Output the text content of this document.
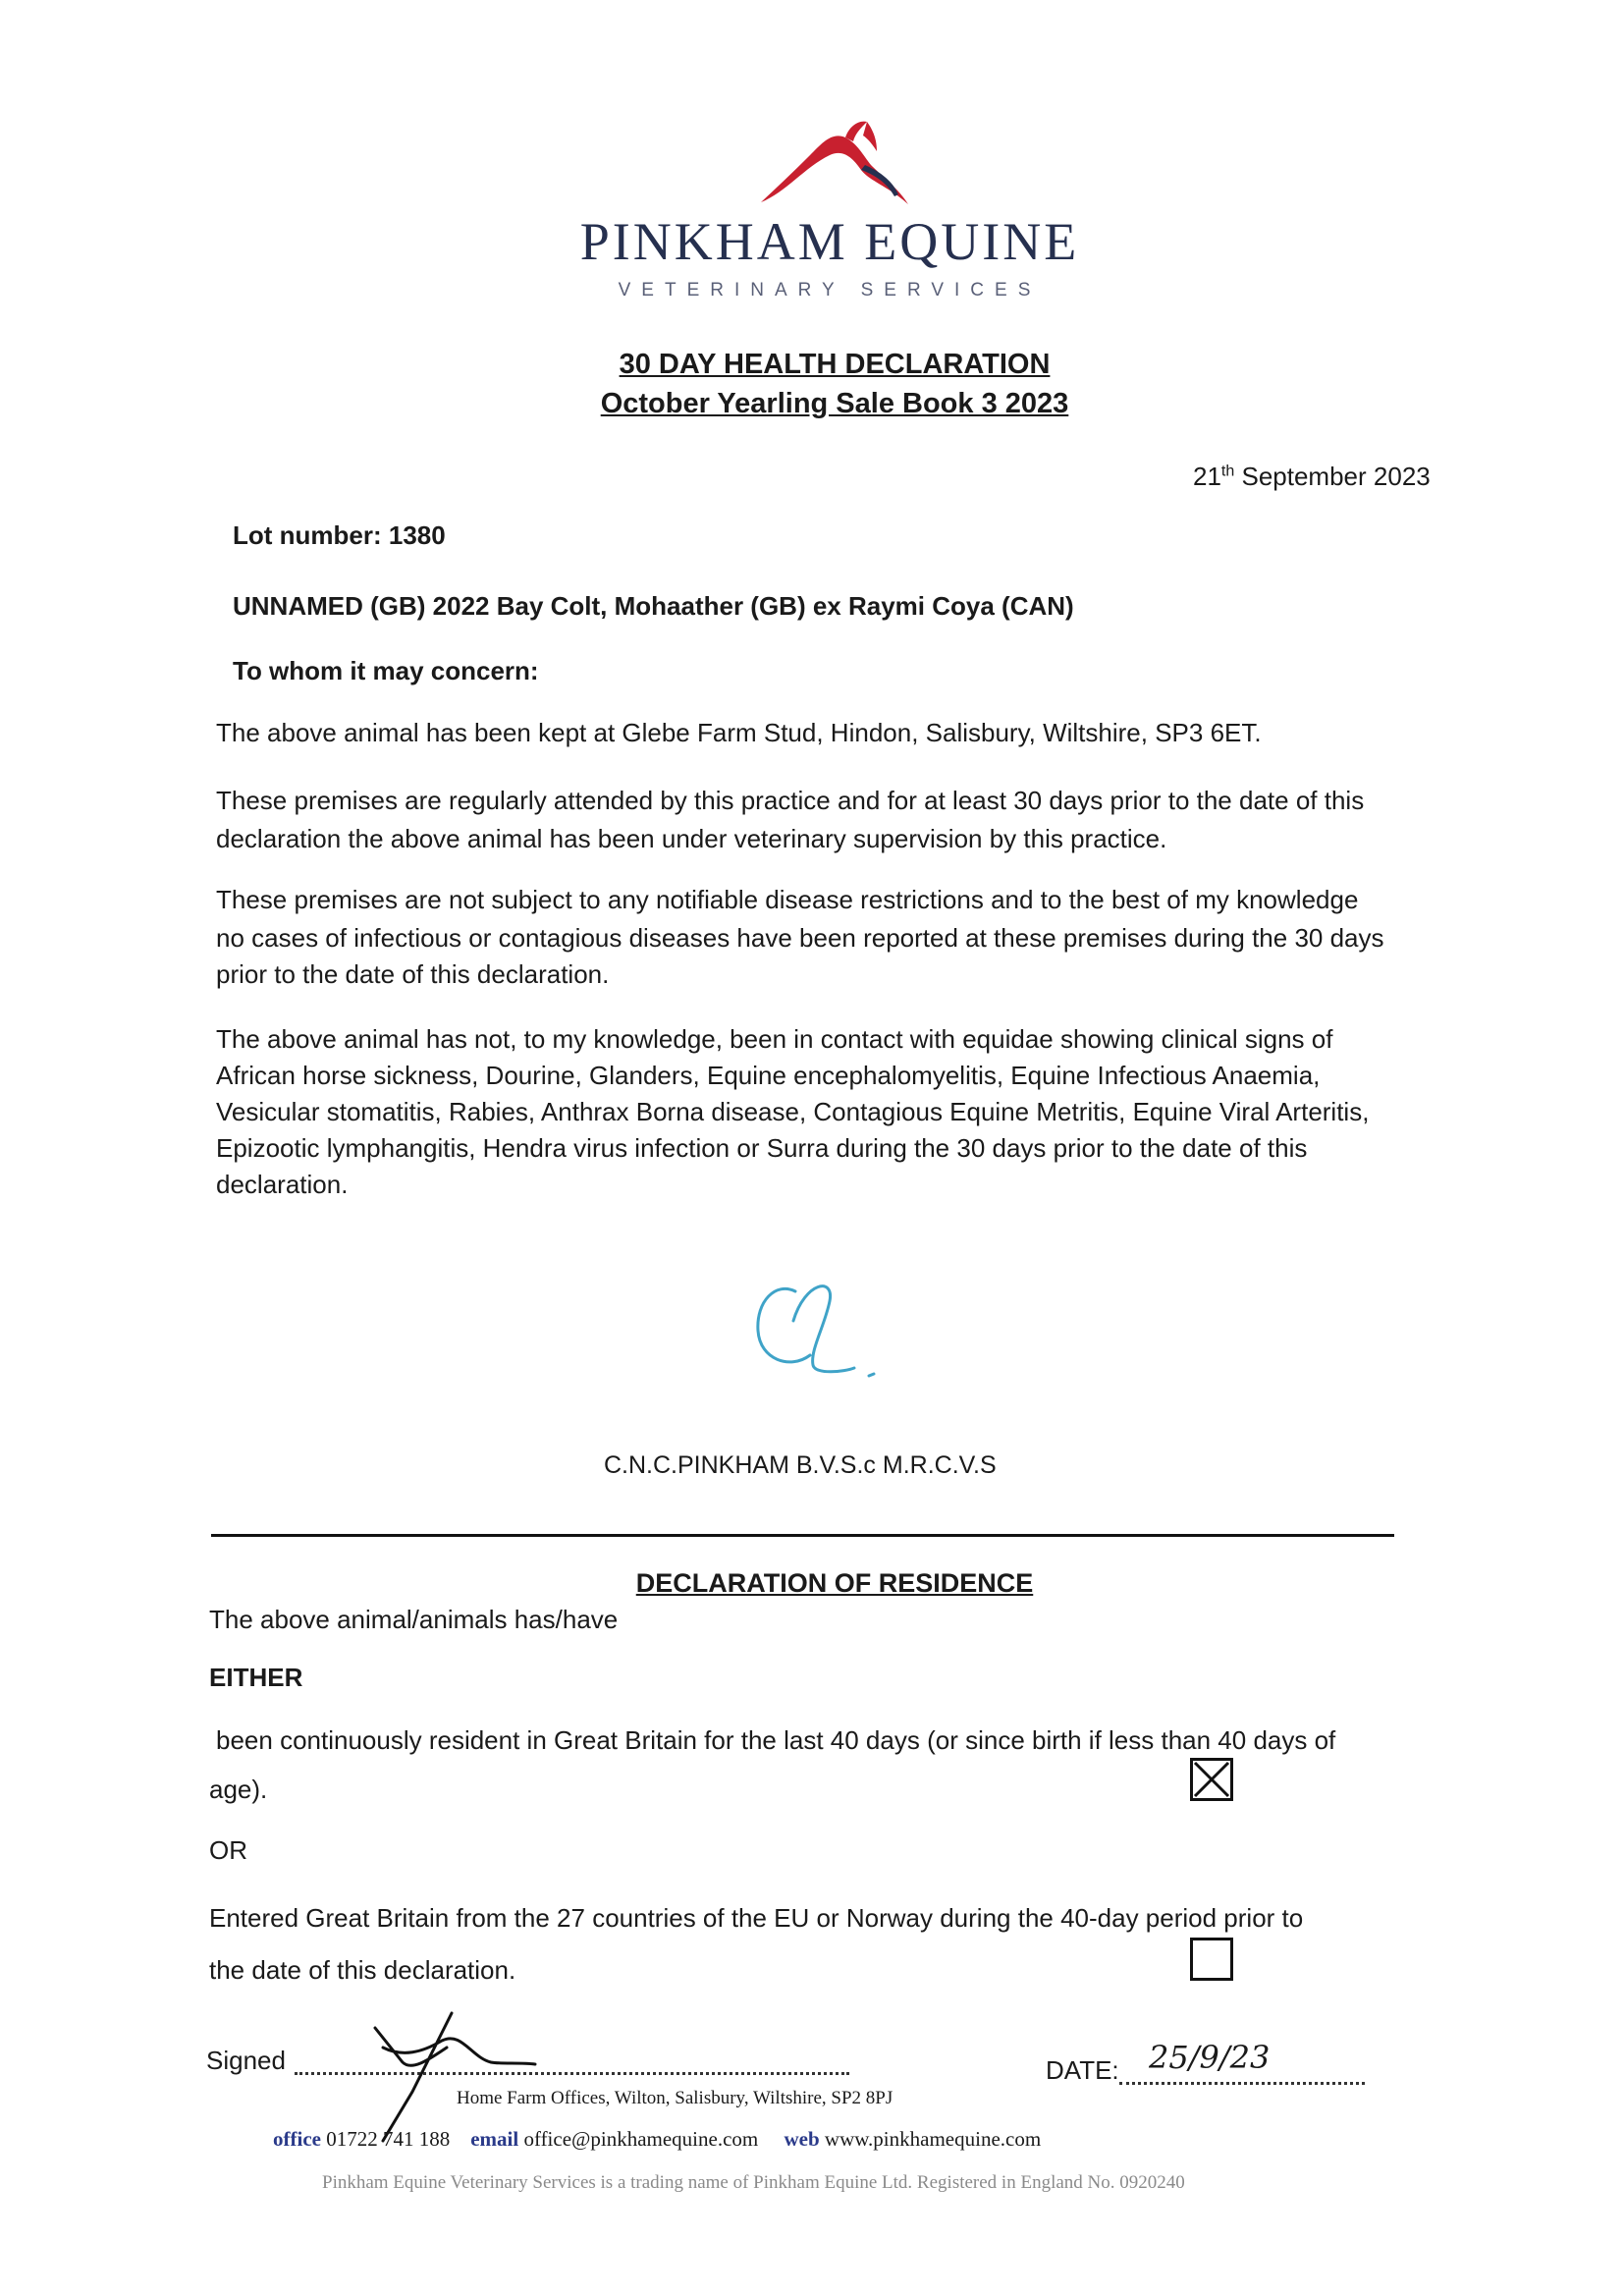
PINKHAM EQUINE
VETERINARY SERVICES
30 DAY HEALTH DECLARATION
October Yearling Sale Book 3 2023
21th September 2023
Lot number: 1380
UNNAMED (GB) 2022 Bay Colt, Mohaather (GB) ex Raymi Coya (CAN)
To whom it may concern:
The above animal has been kept at Glebe Farm Stud, Hindon, Salisbury, Wiltshire, SP3 6ET.
These premises are regularly attended by this practice and for at least 30 days prior to the date of this
declaration the above animal has been under veterinary supervision by this practice.
These premises are not subject to any notifiable disease restrictions and to the best of my knowledge
no cases of infectious or contagious diseases have been reported at these premises during the 30 days
prior to the date of this declaration.
The above animal has not, to my knowledge, been in contact with equidae showing clinical signs of
African horse sickness, Dourine, Glanders, Equine encephalomyelitis, Equine Infectious Anaemia,
Vesicular stomatitis, Rabies, Anthrax Borna disease, Contagious Equine Metritis, Equine Viral Arteritis,
Epizootic lymphangitis, Hendra virus infection or Surra during the 30 days prior to the date of this
declaration.
C.N.C.PINKHAM B.V.S.c M.R.C.V.S
DECLARATION OF RESIDENCE
The above animal/animals has/have
EITHER
been continuously resident in Great Britain for the last 40 days (or since birth if less than 40 days of
age).
OR
Entered Great Britain from the 27 countries of the EU or Norway during the 40-day period prior to
the date of this declaration.
Signed	DATE: 25/9/23
Home Farm Offices, Wilton, Salisbury, Wiltshire, SP2 8PJ
office 01722 741 188 email office@pinkhamequine.com web www.pinkhamequine.com
Pinkham Equine Veterinary Services is a trading name of Pinkham Equine Ltd. Registered in England No. 0920240
